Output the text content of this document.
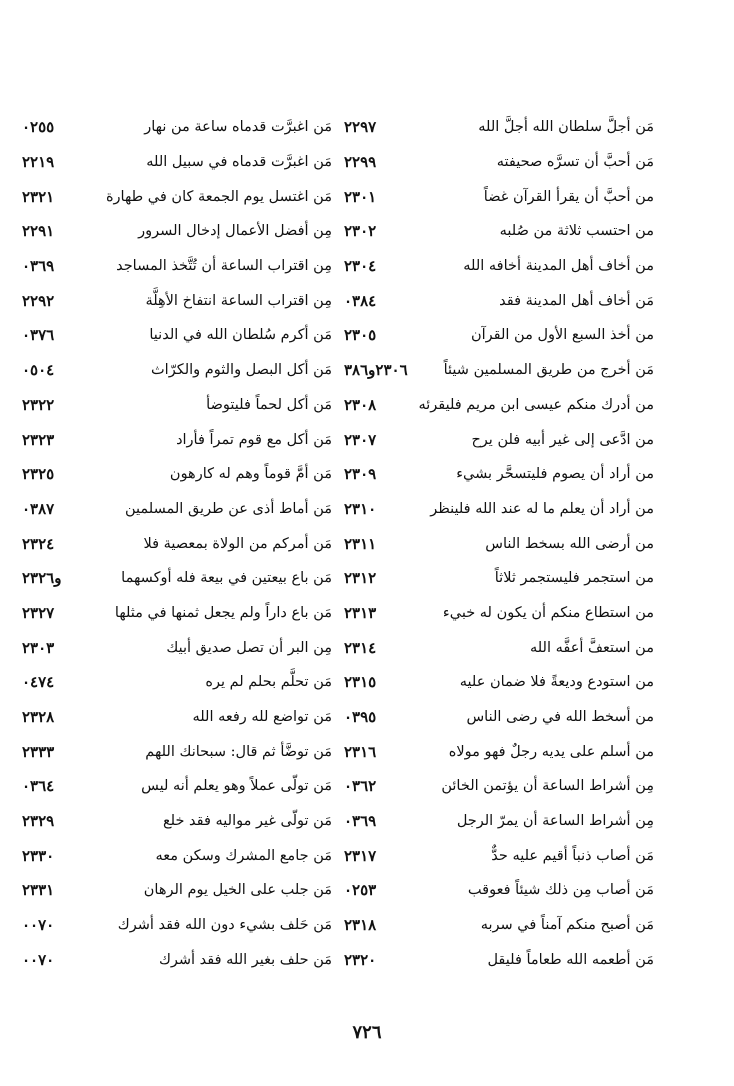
مَن أجلَّ سلطان الله أجلَّ الله
٢٢٩٧
مَن أحبَّ أن تسرَّه صحيفته
٢٢٩٩
من أحبَّ أن يقرأ القرآن غضاً
٢٣٠١
من احتسب ثلاثة من صُلبه
٢٣٠٢
من أخاف أهل المدينة أخافه الله
٢٣٠٤
مَن أخاف أهل المدينة فقد
٠٣٨٤
من أخذ السبع الأول من القرآن
٢٣٠٥
مَن أخرج من طريق المسلمين شيئاً
٢٣٠٦و٣٨٦
من أدرك منكم عيسى ابن مريم فليقرئه
٢٣٠٨
من ادَّعى إلى غير أبيه فلن يرح
٢٣٠٧
من أراد أن يصوم فليتسحَّر بشيء
٢٣٠٩
من أراد أن يعلم ما له عند الله فلينظر
٢٣١٠
من أرضى الله بسخط الناس
٢٣١١
من استجمر فليستجمر ثلاثاً
٢٣١٢
من استطاع منكم أن يكون له خبيء
٢٣١٣
من استعفَّ أعفَّه الله
٢٣١٤
من استودع وديعةً فلا ضمان عليه
٢٣١٥
من أسخط الله في رضى الناس
٠٣٩٥
من أسلم على يديه رجلٌ فهو مولاه
٢٣١٦
مِن أشراط الساعة أن يؤتمن الخائن
٠٣٦٢
مِن أشراط الساعة أن يمرّ الرجل
٠٣٦٩
مَن أصاب ذنباً أقيم عليه حدٌّ
٢٣١٧
مَن أصاب مِن ذلك شيئاً فعوقب
٠٢٥٣
مَن أصبح منكم آمناً في سربه
٢٣١٨
مَن أطعمه الله طعاماً فليقل
٢٣٢٠
مَن اغبرَّت قدماه ساعة من نهار
٠٢٥٥
مَن اغبرَّت قدماه في سبيل الله
٢٢١٩
مَن اغتسل يوم الجمعة كان في طهارة
٢٣٢١
مِن أفضل الأعمال إدخال السرور
٢٢٩١
مِن اقتراب الساعة أن تُتَّخذ المساجد
٠٣٦٩
مِن اقتراب الساعة انتفاخ الأهِلَّة
٢٢٩٢
مَن أكرم سُلطان الله في الدنيا
٠٣٧٦
مَن أكل البصل والثوم والكرّاث
٠٥٠٤
مَن أكل لحماً فليتوضأ
٢٣٢٢
مَن أكل مع قوم تمراً فأراد
٢٣٢٣
مَن أمَّ قوماً وهم له كارهون
٢٣٢٥
مَن أماط أذى عن طريق المسلمين
٠٣٨٧
مَن أمركم من الولاة بمعصية فلا
٢٣٢٤
مَن باع بيعتين في بيعة فله أوكسهما
و٢٣٢٦
مَن باع داراً ولم يجعل ثمنها في مثلها
٢٣٢٧
مِن البر أن تصل صديق أبيك
٢٣٠٣
مَن تحلَّم بحلم لم يره
٠٤٧٤
مَن تواضع لله رفعه الله
٢٣٢٨
مَن توضَّأ ثم قال: سبحانك اللهم
٢٣٣٣
مَن تولّى عملاً وهو يعلم أنه ليس
٠٣٦٤
مَن تولّى غير مواليه فقد خلع
٢٣٢٩
مَن جامع المشرك وسكن معه
٢٣٣٠
مَن جلب على الخيل يوم الرهان
٢٣٣١
مَن حَلف بشيء دون الله فقد أشرك
٠٠٧٠
مَن حلف بغير الله فقد أشرك
٠٠٧٠
٧٢٦
